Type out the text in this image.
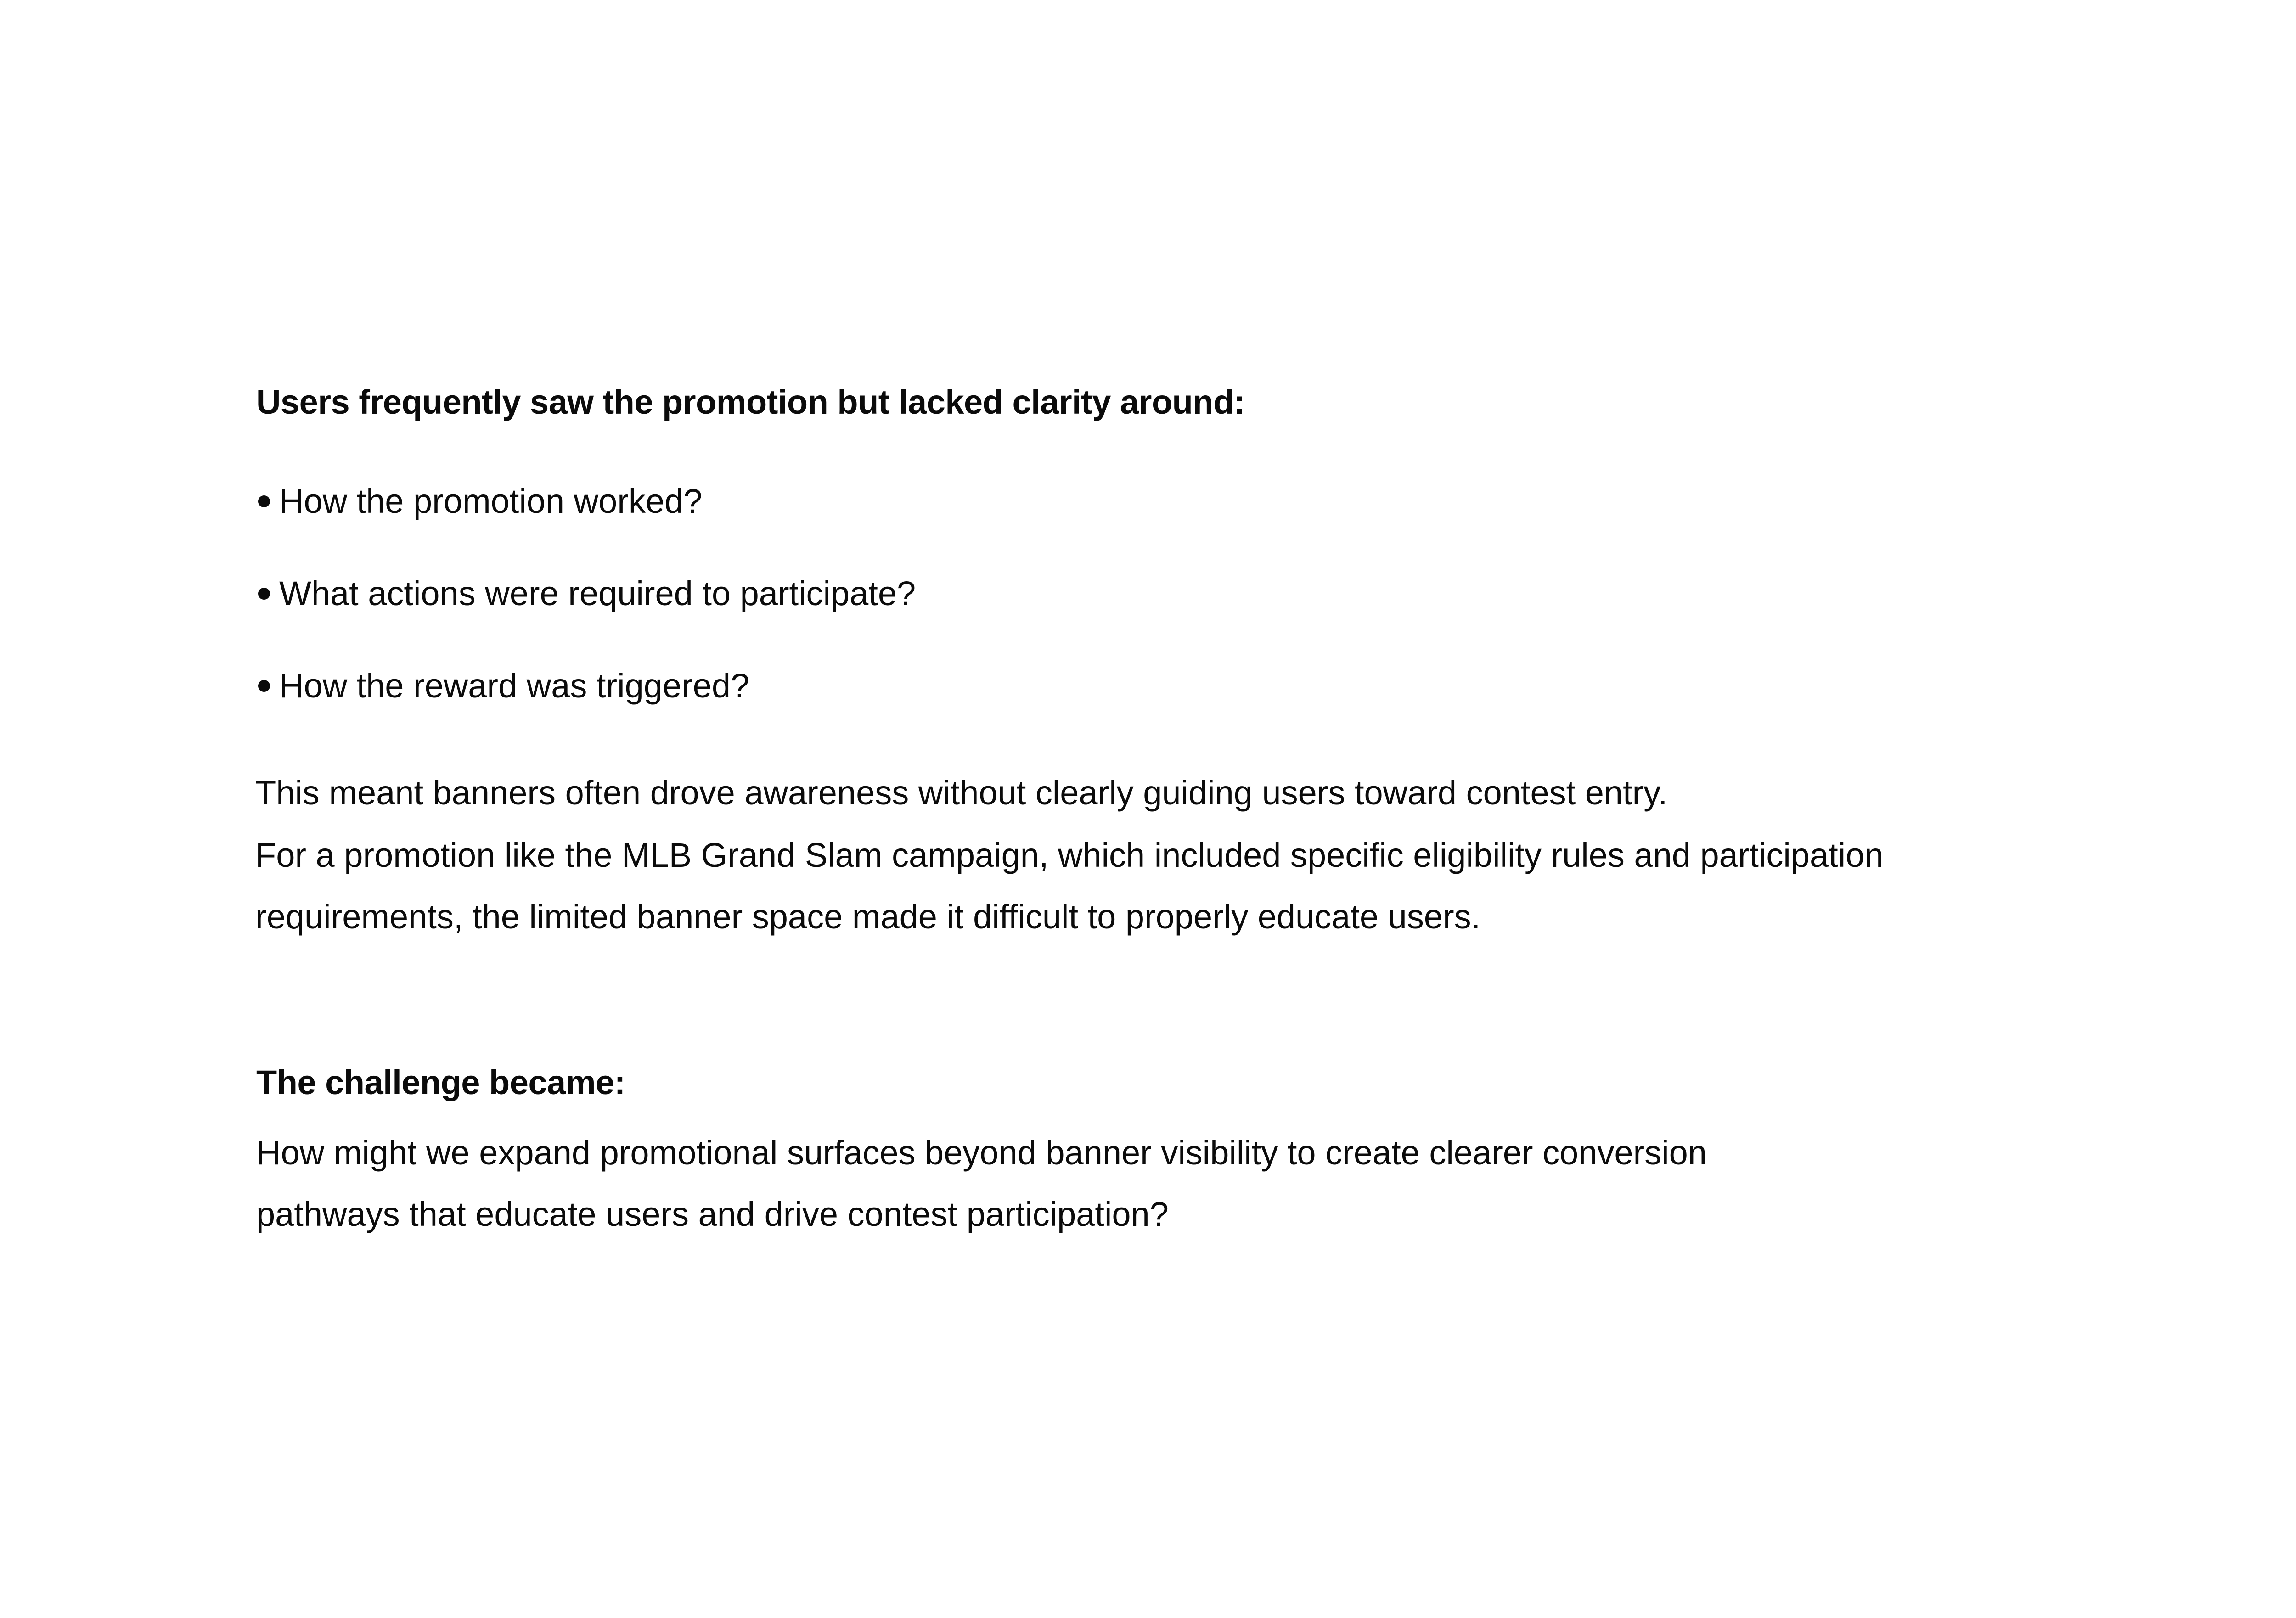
Users frequently saw the promotion but lacked clarity around:
How the promotion worked?
What actions were required to participate?
How the reward was triggered?
This meant banners often drove awareness without clearly guiding users toward contest entry.
For a promotion like the MLB Grand Slam campaign, which included specific eligibility rules and participation
requirements, the limited banner space made it difficult to properly educate users.
The challenge became:
How might we expand promotional surfaces beyond banner visibility to create clearer conversion
pathways that educate users and drive contest participation?
